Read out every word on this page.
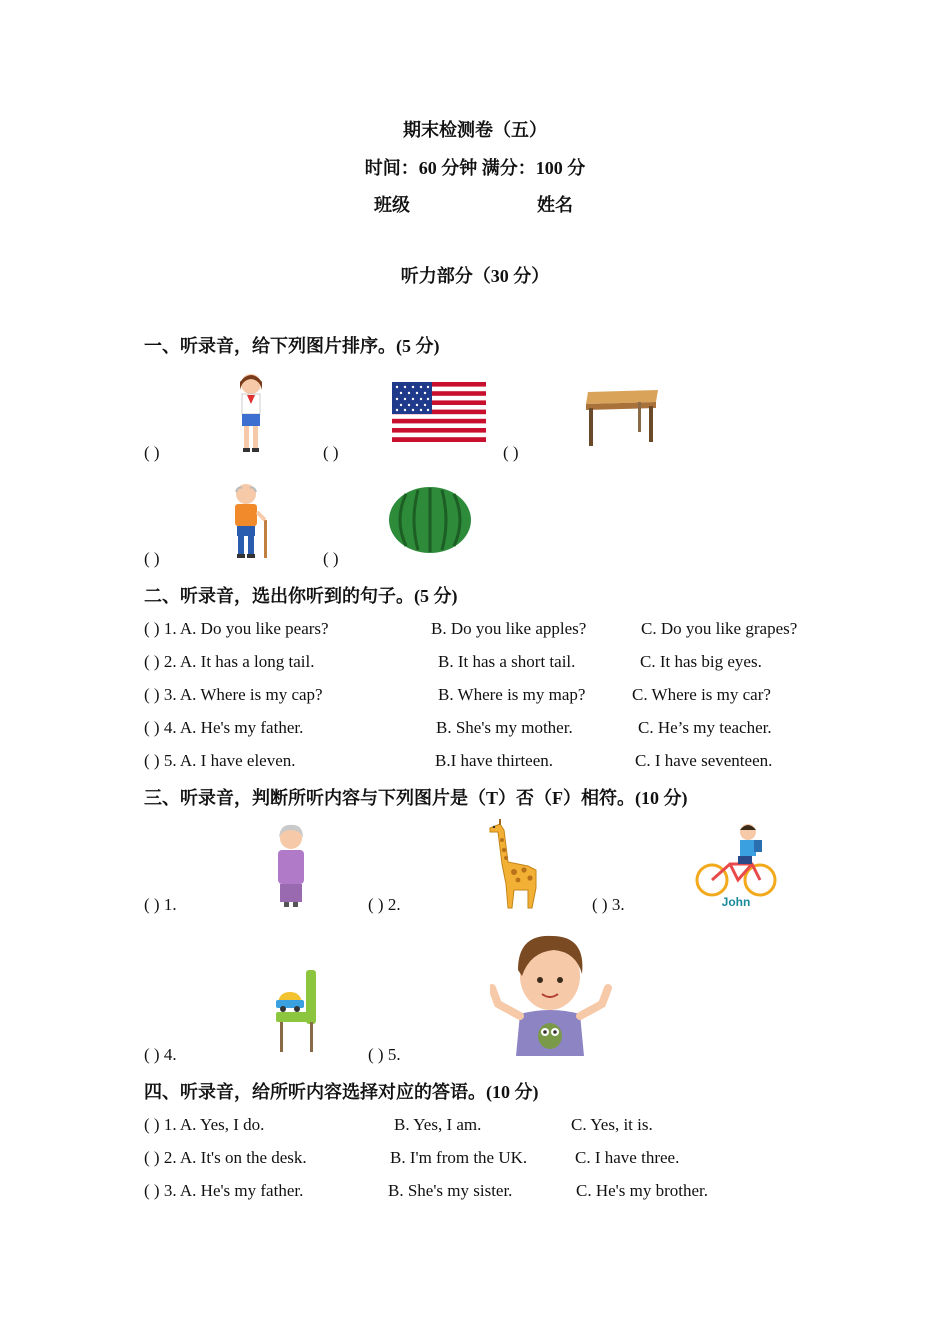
期末检测卷（五）
时间：60 分钟 满分：100 分
班级	姓名
听力部分（30 分）
一、听录音，给下列图片排序。(5 分)
( )	( )	( )
( )	( )
二、听录音，选出你听到的句子。(5 分)
( ) 1. A. Do you like pears?	B. Do you like apples?	C. Do you like grapes?
( ) 2. A. It has a long tail.	B. It has a short tail.	C. It has big eyes.
( ) 3. A. Where is my cap?	B. Where is my map?	C. Where is my car?
( ) 4. A. He's my father.	B. She's my mother.	C. He’s my teacher.
( ) 5. A. I have eleven.	B.I have thirteen.	C. I have seventeen.
三、听录音，判断所听内容与下列图片是（T）否（F）相符。(10 分)
( ) 1.	( ) 2.	( ) 3.	John
( ) 4.	( ) 5.
四、听录音，给所听内容选择对应的答语。(10 分)
( ) 1. A. Yes, I do.	B. Yes, I am.	C. Yes, it is.
( ) 2. A. It's on the desk.	B. I'm from the UK.	C. I have three.
( ) 3. A. He's my father.	B. She's my sister.	C. He's my brother.
